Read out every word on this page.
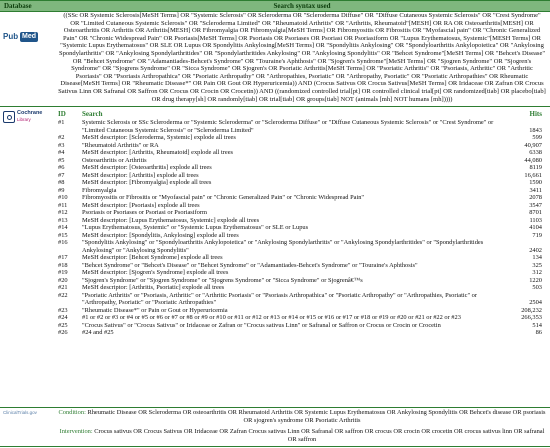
Database	Search syntax used
Pub Med
((SSc OR Systemic Sclerosis[MeSH Terms] OR "Systemic Sclerosis" OR Scleroderma OR "Scleroderma Diffuse" OR "Diffuse Cutaneous Systemic Sclerosis" OR "Crest Syndrome" OR "Limited Cutaneous Systemic Sclerosis" OR "Scleroderma Limited" OR "Rheumatoid Arthritis" OR "Arthritis, Rheumatoid"[MESH] OR RA OR Osteoarthritis[MESH] OR Osteoarthritis OR Arthritis OR Arthritis[MESH] OR Fibromyalgia OR Fibromyalgia[MeSH Terms] OR Fibromyositis OR Fibrositis OR "Myofascial pain" OR "Chronic Generalized Pain" OR "Chronic Widespread Pain" OR Psoriasis[MeSH Terms] OR Psoriasis OR Psoriases OR Psoriasi OR Psoriasiform OR "Lupus Erythematosus, Systemic"[MESH Terms] OR "Systemic Lupus Erythematosus" OR SLE OR Lupus OR Spondylitis Ankylosing[MeSH Terms] OR "Spondylitis Ankylosing" OR "Spondyloarthritis Ankylopoietica" OR "Ankylosing Spondylarthritis" OR "Ankylosing Spondylarthritides" OR "Spondylarthritides Ankylosing" OR "Ankylosing Spondylitis" OR "Behcet Syndrome"[MeSH Terms] OR "Behcet's Disease" OR "Behcet Syndrome" OR "Adamantiades-Behcet's Syndrome" OR "Touraine's Aphthosis" OR "Sjogren's Syndrome"[MeSH Terms] OR "Sjogren Syndrome" OR "Sjogren's Syndrome" OR "Sjogrens Syndrome" OR "Sicca Syndrome" OR Sjogren's OR Psoriatic Arthritis[MeSH Terms] OR "Psoriatic Arthritis" OR "Psoriasis, Arthritic" OR "Arthritic Psoriasis" OR "Psoriasis Arthropathica" OR "Psoriatic Arthropathy" OR "Arthropathies, Psoriatic" OR "Arthropathy, Psoriatic" OR "Psoriatic Arthropathies" OR Rheumatic Disease[MeSH Terms] OR "Rheumatic Disease*" OR Pain OR Gout OR Hyperuricemia)) AND (Crocus Sativus OR Crocus Sativus[MeSH Terms] OR Iridaceae OR Zafran OR Crocus Sativus Linn OR Safranal OR Saffron OR Crocus OR Crocin OR Crocetin)) AND ((randomized controlled trial[pt] OR controlled clinical trial[pt] OR randomized[tiab] OR placebo[tiab] OR drug therapy[sh] OR randomly[tiab] OR trial[tiab] OR groups[tiab] NOT (animals [mh] NOT humans [mh]))))
Cochrane
Library
ID Search	Hits
#1	Systemic Sclerosis or SSc Scleroderma or "Systemic Scleroderma" or "Scleroderma Diffuse" or "Diffuse Cutaneous Systemic Sclerosis" or "Crest Syndrome" or "Limited Cutaneous Systemic Sclerosis" or "Scleroderma Limited"	1843
#2	MeSH descriptor: [Scleroderma, Systemic] explode all trees	599
#3	"Rheumatoid Arthritis" or RA	40,907
#4	MeSH descriptor: [Arthritis, Rheumatoid] explode all trees	6338
#5	Osteoarthritis or Arthritis	44,080
#6	MeSH descriptor: [Osteoarthritis] explode all trees	8119
#7	MeSH descriptor: [Arthritis] explode all trees	16,661
#8	MeSH descriptor: [Fibromyalgia] explode all trees	1590
#9	Fibromyalgia	3411
#10 Fibromyositis or Fibrositis or "Myofascial pain" or "Chronic Generalized Pain" or "Chronic Widespread Pain"	2078
#11 MeSH descriptor: [Psoriasis] explode all trees	3547
#12 Psoriasis or Psoriases or Psoriasi or Psoriasiform	8701
#13 MeSH descriptor: [Lupus Erythematosus, Systemic] explode all trees	1103
#14 "Lupus Erythematosus, Systemic" or "Systemic Lupus Erythematosus" or SLE or Lupus	4104
#15 MeSH descriptor: [Spondylitis, Ankylosing] explode all trees	719
#16 "Spondylitis Ankylosing" or "Spondyloarthritis Ankylopoietica" or "Ankylosing Spondylarthritis" or "Ankylosing Spondylarthritides" or "Spondylarthritides Ankylosing" or "Ankylosing Spondylitis"	2402
#17 MeSH descriptor: [Behcet Syndrome] explode all trees	134
#18 "Behcet Syndrome" or "Behcet's Disease" or "Behcet Syndrome" or "Adamantiades-Behcet's Syndrome" or "Touraine's Aphthosis"	325
#19 MeSH descriptor: [Sjogren's Syndrome] explode all trees	312
#20 "Sjogren's Syndrome" or "Sjogren Syndrome" or "Sjogrens Syndrome" or "Sicca Syndrome" or Sjogrenâ€™s	1220
#21 MeSH descriptor: [Arthritis, Psoriatic] explode all trees	503
#22 "Psoriatic Arthritis" or "Psoriasis, Arthritic" or "Arthritic Psoriasis" or "Psoriasis Arthropathica" or "Psoriatic Arthropathy" or "Arthropathies, Psoriatic" or "Arthropathy, Psoriatic" or "Psoriatic Arthropathies"	2504
#23 "Rheumatic Disease*" or Pain or Gout or Hyperuricemia	208,232
#24 #1 or #2 or #3 or #4 or #5 or #6 or #7 or #8 or #9 or #10 or #11 or #12 or #13 or #14 or #15 or #16 or #17 or #18 or #19 or #20 or #21 or #22 or #23	266,353
#25 "Crocus Sativus" or "Crocus Sativus" or Iridaceae or Zafran or "Crocus sativus Linn" or Safranal or Saffron or Crocus or Crocin or Crocetin	514
#26 #24 and #25	86
ClinicalTrials.gov	Condition: Rheumatic Disease OR Scleroderma OR osteoarthritis OR Rheumatoid Arthritis OR Systemic Lupus Erythematosus OR Ankylosing Spondylitis OR Behcet's disease OR psoriasis OR sjogren's syndrome OR Psoriatic Arthritis
Intervention: Crocus sativus OR Crocus Sativus OR Iridaceae OR Zafran Crocus sativus Linn OR Safranal OR saffron OR crocus OR crocin OR crocetin OR crocus sativus linn OR safranal OR saffron
